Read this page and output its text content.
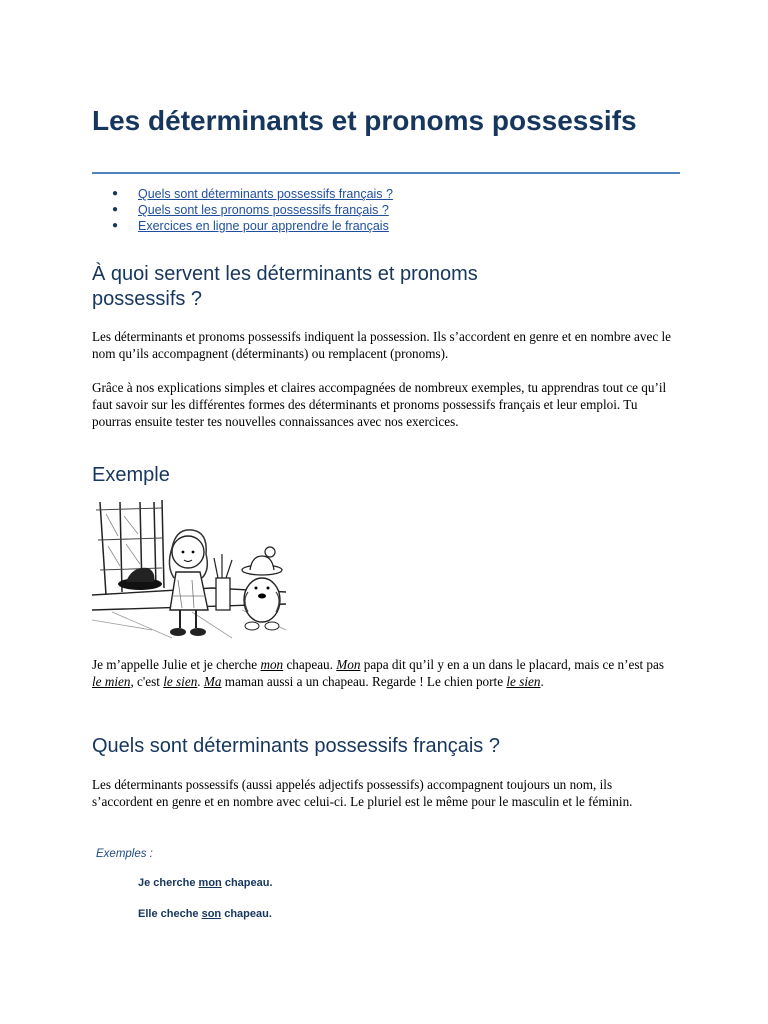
Les déterminants et pronoms possessifs
● Quels sont déterminants possessifs français ?
● Quels sont les pronoms possessifs français ?
● Exercices en ligne pour apprendre le français
À quoi servent les déterminants et pronoms possessifs ?

Les déterminants et pronoms possessifs indiquent la possession. Ils s’accordent en genre et en nombre avec le nom qu’ils accompagnent (déterminants) ou remplacent (pronoms).

Grâce à nos explications simples et claires accompagnées de nombreux exemples, tu apprendras tout ce qu’il faut savoir sur les différentes formes des déterminants et pronoms possessifs français et leur emploi. Tu pourras ensuite tester tes nouvelles connaissances avec nos exercices.

Exemple

Je m’appelle Julie et je cherche mon chapeau. Mon papa dit qu’il y en a un dans le placard, mais ce n’est pas le mien, c'est le sien. Ma maman aussi a un chapeau. Regarde ! Le chien porte le sien.

Quels sont déterminants possessifs français ?

Les déterminants possessifs (aussi appelés adjectifs possessifs) accompagnent toujours un nom, ils s’accordent en genre et en nombre avec celui-ci. Le pluriel est le même pour le masculin et le féminin.

Exemples :

Je cherche mon chapeau.

Elle cheche son chapeau.
